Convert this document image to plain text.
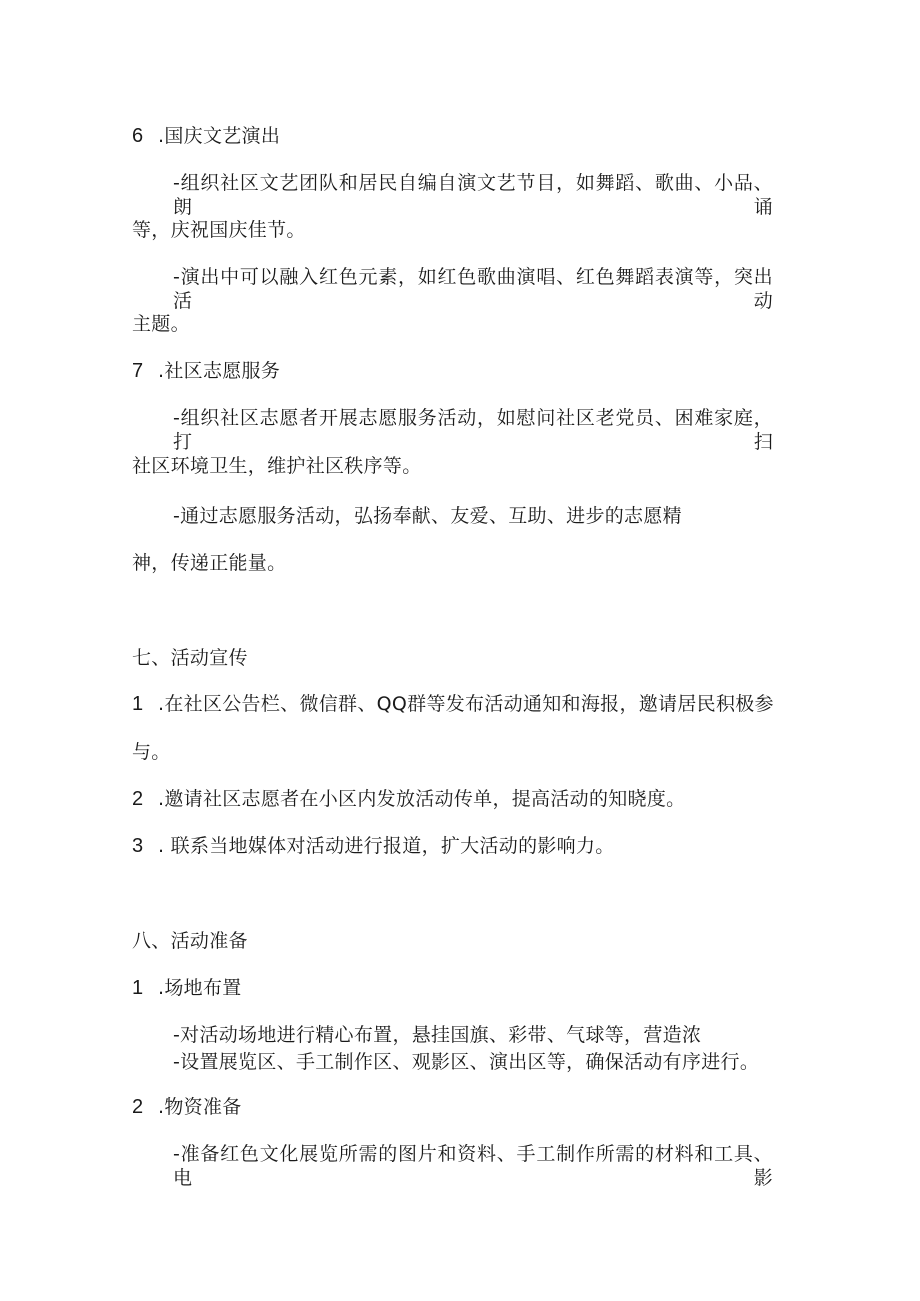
6 .国庆文艺演出

-组织社区文艺团队和居民自编自演文艺节目，如舞蹈、歌曲、小品、朗诵

等，庆祝国庆佳节。

-演出中可以融入红色元素，如红色歌曲演唱、红色舞蹈表演等，突出活动

主题。

7 .社区志愿服务

-组织社区志愿者开展志愿服务活动，如慰问社区老党员、困难家庭，打扫

社区环境卫生，维护社区秩序等。

-通过志愿服务活动，弘扬奉献、友爱、互助、进步的志愿精

神，传递正能量。

七、活动宣传

1 .在社区公告栏、微信群、QQ群等发布活动通知和海报，邀请居民积极参

与。

2 .邀请社区志愿者在小区内发放活动传单，提高活动的知晓度。

3 . 联系当地媒体对活动进行报道，扩大活动的影响力。

八、活动准备

1 .场地布置

-对活动场地进行精心布置，悬挂国旗、彩带、气球等，营造浓

-设置展览区、手工制作区、观影区、演出区等，确保活动有序进行。

2 .物资准备

-准备红色文化展览所需的图片和资料、手工制作所需的材料和工具、电影
